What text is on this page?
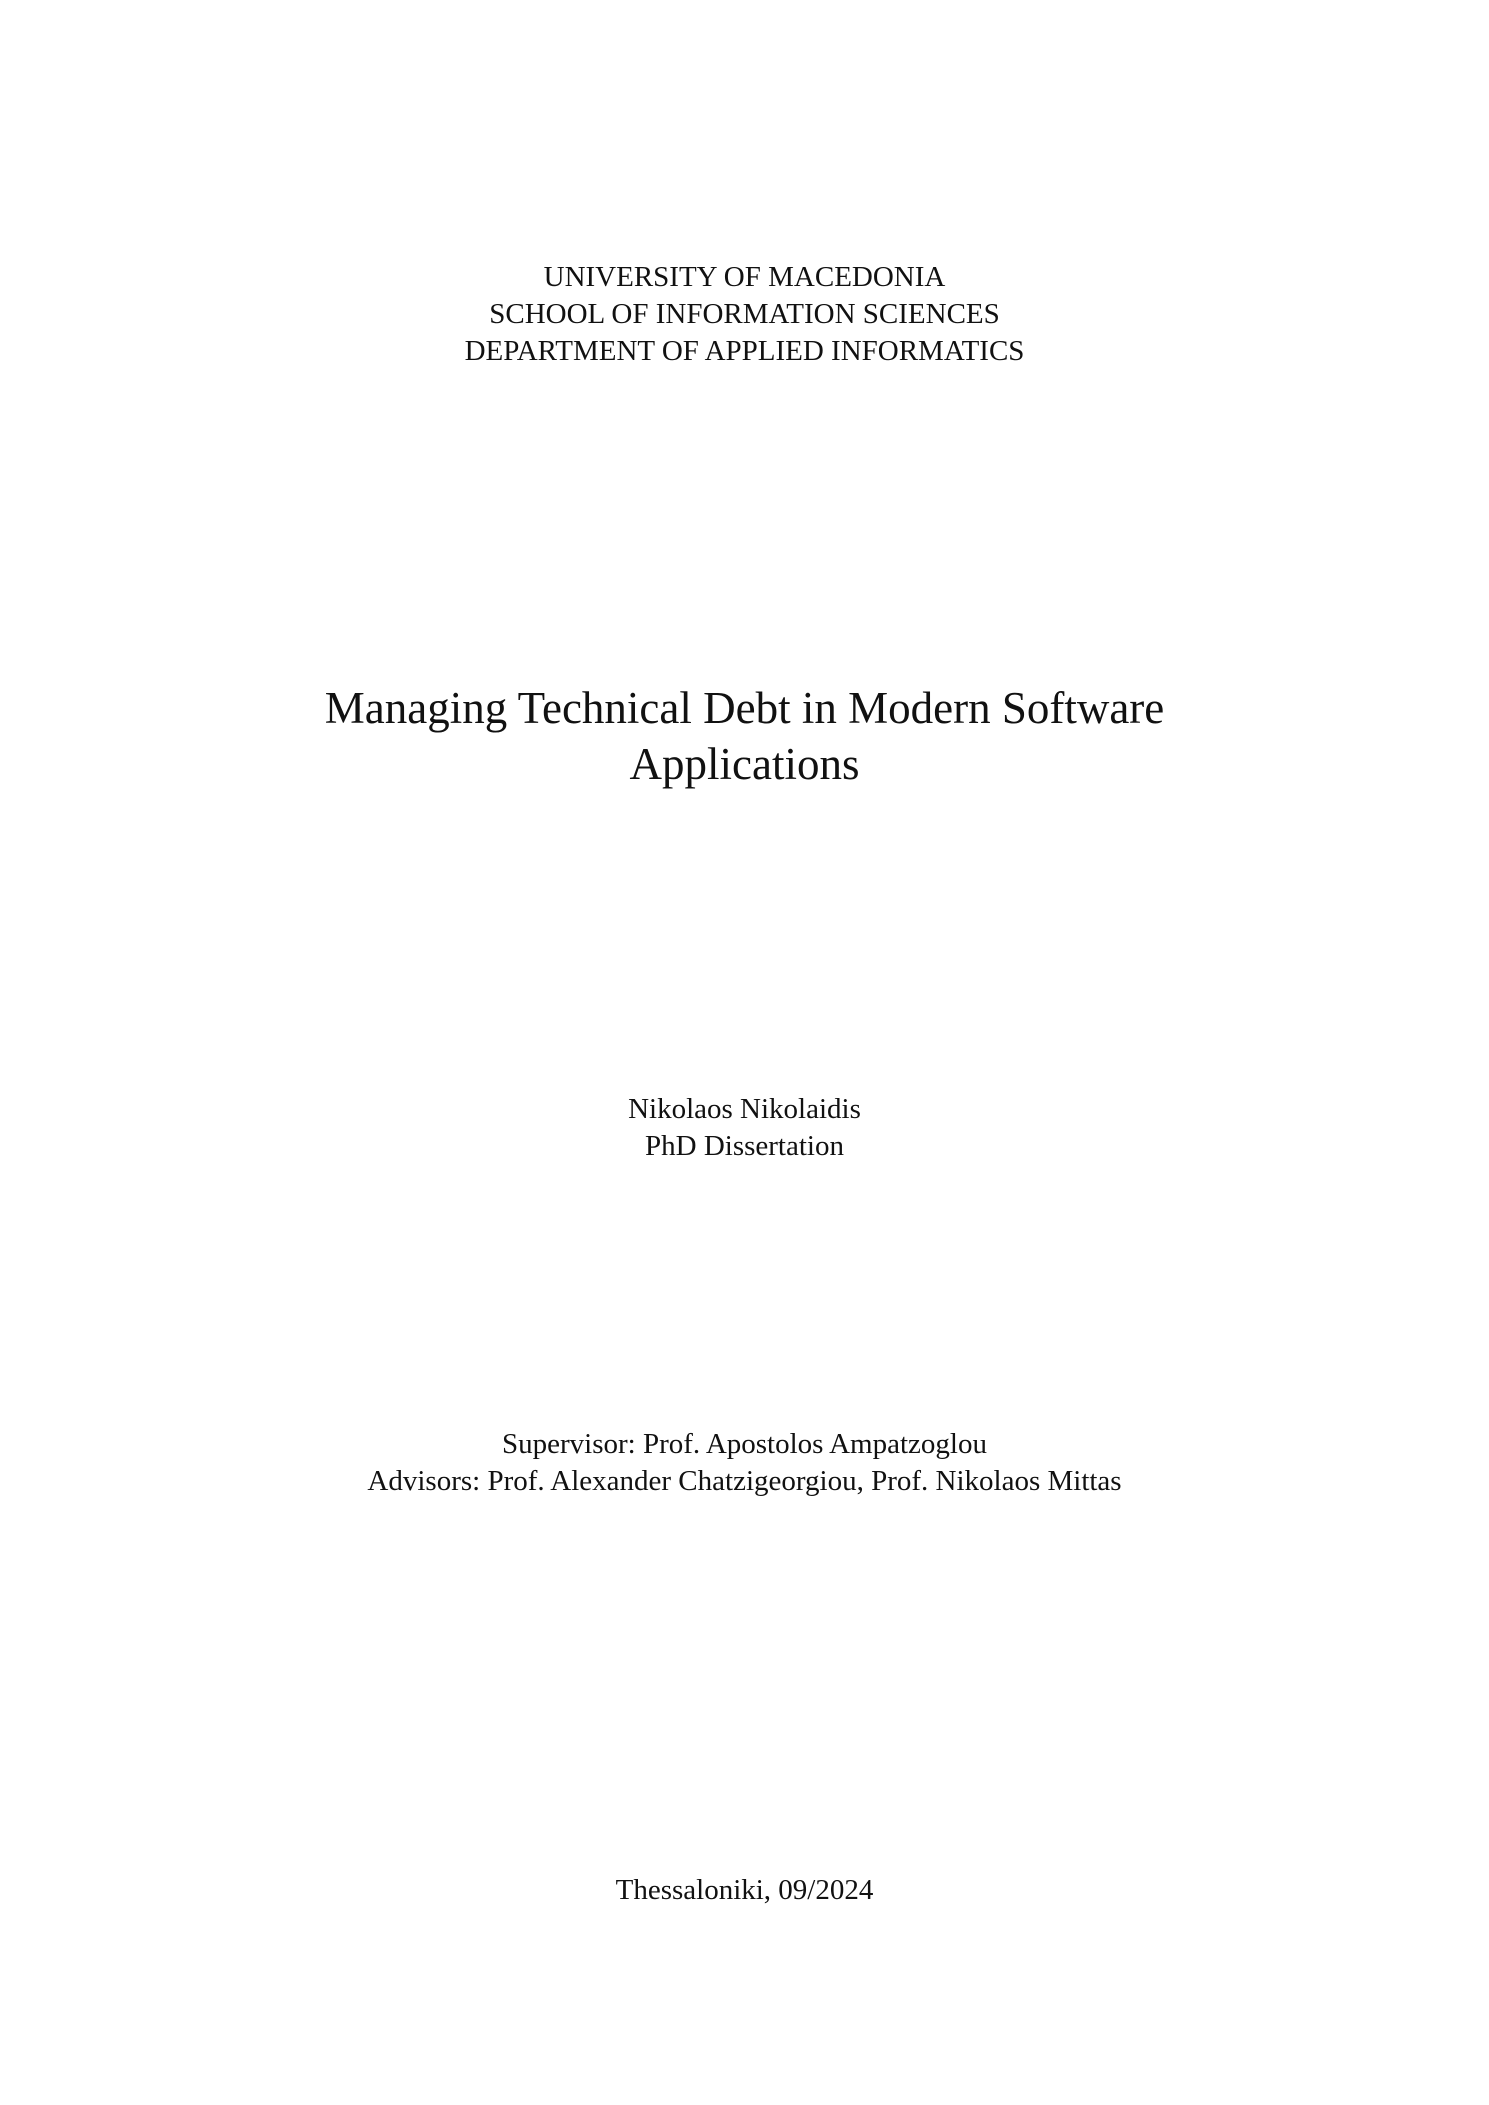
UNIVERSITY OF MACEDONIA
SCHOOL OF INFORMATION SCIENCES
DEPARTMENT OF APPLIED INFORMATICS
Managing Technical Debt in Modern Software
Applications
Nikolaos Nikolaidis
PhD Dissertation
Supervisor: Prof. Apostolos Ampatzoglou
Advisors: Prof. Alexander Chatzigeorgiou, Prof. Nikolaos Mittas
Thessaloniki, 09/2024
